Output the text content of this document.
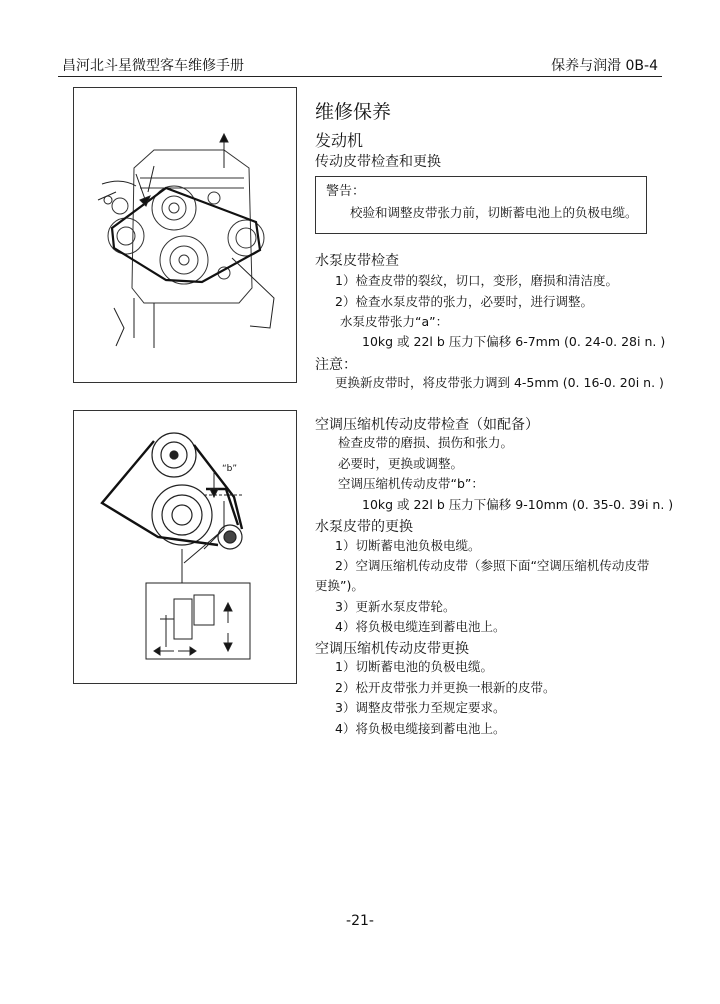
昌河北斗星微型客车维修手册	保养与润滑 0B-4
维修保养
发动机
传动皮带检查和更换
警告：
校验和调整皮带张力前，切断蓄电池上的负极电缆。
水泵皮带检查
1）检查皮带的裂纹，切口，变形，磨损和清洁度。
2）检查水泵皮带的张力，必要时，进行调整。
水泵皮带张力“a”：
10kg 或 22l b 压力下偏移 6-7mm (0. 24-0. 28i n. )
注意：
更换新皮带时，将皮带张力调到 4-5mm (0. 16-0. 20i n. )
“b”
空调压缩机传动皮带检查（如配备）
检查皮带的磨损、损伤和张力。
必要时，更换或调整。
空调压缩机传动皮带“b”：
10kg 或 22l b 压力下偏移 9-10mm (0. 35-0. 39i n. )
水泵皮带的更换
1）切断蓄电池负极电缆。
2）空调压缩机传动皮带（参照下面“空调压缩机传动皮带
更换”)。
3）更新水泵皮带轮。
4）将负极电缆连到蓄电池上。
空调压缩机传动皮带更换
1）切断蓄电池的负极电缆。
2）松开皮带张力并更换一根新的皮带。
3）调整皮带张力至规定要求。
4）将负极电缆接到蓄电池上。
-21-
